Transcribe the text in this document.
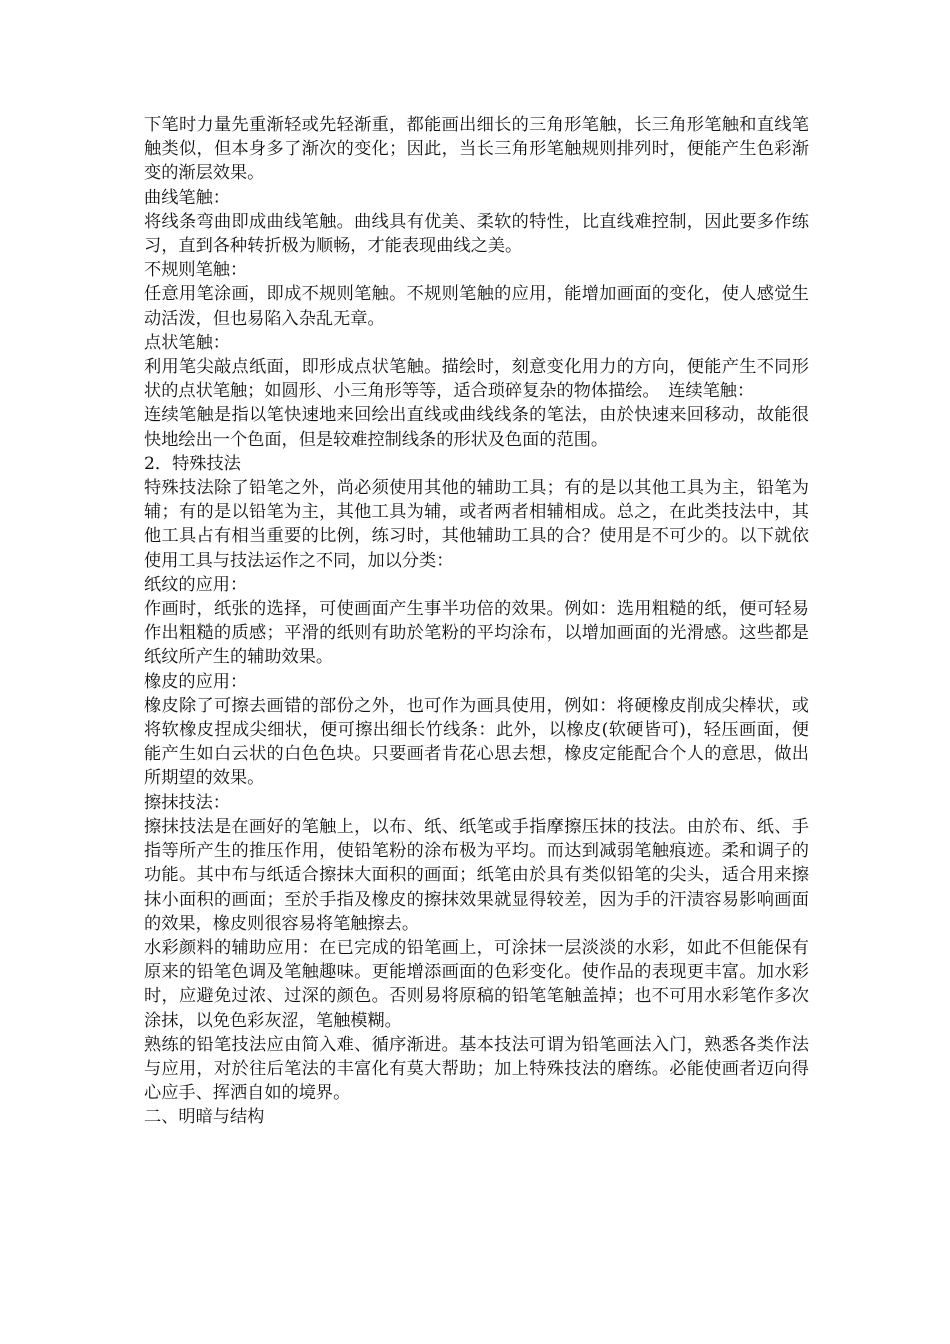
下笔时力量先重渐轻或先轻渐重，都能画出细长的三角形笔触，长三角形笔触和直线笔触类似，但本身多了渐次的变化；因此，当长三角形笔触规则排列时，便能产生色彩渐变的渐层效果。

曲线笔触：

将线条弯曲即成曲线笔触。曲线具有优美、柔软的特性，比直线难控制，因此要多作练习，直到各种转折极为顺畅，才能表现曲线之美。

不规则笔触：

任意用笔涂画，即成不规则笔触。不规则笔触的应用，能增加画面的变化，使人感觉生动活泼，但也易陷入杂乱无章。

点状笔触：

利用笔尖敲点纸面，即形成点状笔触。描绘时，刻意变化用力的方向，便能产生不同形状的点状笔触；如圆形、小三角形等等，适合琐碎复杂的物体描绘。　连续笔触：

连续笔触是指以笔快速地来回绘出直线或曲线线条的笔法，由於快速来回移动，故能很快地绘出一个色面，但是较难控制线条的形状及色面的范围。

2．特殊技法

特殊技法除了铅笔之外，尚必须使用其他的辅助工具；有的是以其他工具为主，铅笔为辅；有的是以铅笔为主，其他工具为辅，或者两者相辅相成。总之，在此类技法中，其他工具占有相当重要的比例，练习时，其他辅助工具的合？使用是不可少的。以下就依使用工具与技法运作之不同，加以分类：

纸纹的应用：

作画时，纸张的选择，可使画面产生事半功倍的效果。例如：选用粗糙的纸，便可轻易作出粗糙的质感；平滑的纸则有助於笔粉的平均涂布，以增加画面的光滑感。这些都是纸纹所产生的辅助效果。

橡皮的应用：

橡皮除了可擦去画错的部份之外，也可作为画具使用，例如：将硬橡皮削成尖棒状，或将软橡皮捏成尖细状，便可擦出细长竹线条：此外，以橡皮(软硬皆可)，轻压画面，便能产生如白云状的白色色块。只要画者肯花心思去想，橡皮定能配合个人的意思，做出所期望的效果。

擦抹技法：

擦抹技法是在画好的笔触上，以布、纸、纸笔或手指摩擦压抹的技法。由於布、纸、手指等所产生的推压作用，使铅笔粉的涂布极为平均。而达到减弱笔触痕迹。柔和调子的功能。其中布与纸适合擦抹大面积的画面；纸笔由於具有类似铅笔的尖头，适合用来擦抹小面积的画面；至於手指及橡皮的擦抹效果就显得较差，因为手的汗渍容易影响画面的效果，橡皮则很容易将笔触擦去。

水彩颜料的辅助应用：在已完成的铅笔画上，可涂抹一层淡淡的水彩，如此不但能保有原来的铅笔色调及笔触趣味。更能增添画面的色彩变化。使作品的表现更丰富。加水彩时，应避免过浓、过深的颜色。否则易将原稿的铅笔笔触盖掉；也不可用水彩笔作多次涂抹，以免色彩灰涩，笔触模糊。

熟练的铅笔技法应由简入难、循序渐进。基本技法可谓为铅笔画法入门，熟悉各类作法与应用，对於往后笔法的丰富化有莫大帮助；加上特殊技法的磨练。必能使画者迈向得心应手、挥洒自如的境界。

二、明暗与结构
